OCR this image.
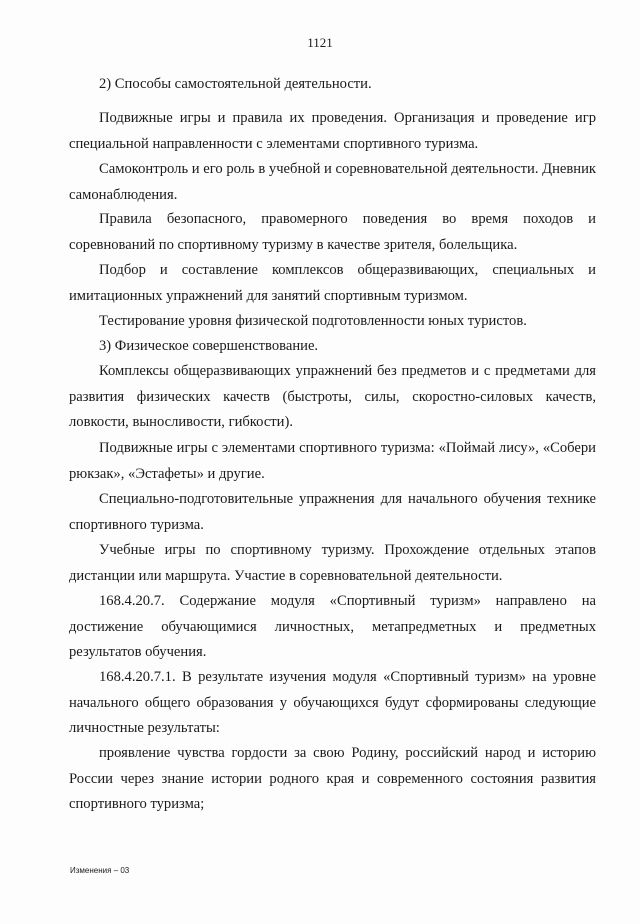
1121
2) Способы самостоятельной деятельности.
Подвижные игры и правила их проведения. Организация и проведение игр специальной направленности с элементами спортивного туризма.
Самоконтроль и его роль в учебной и соревновательной деятельности. Дневник самонаблюдения.
Правила безопасного, правомерного поведения во время походов и соревнований по спортивному туризму в качестве зрителя, болельщика.
Подбор и составление комплексов общеразвивающих, специальных и имитационных упражнений для занятий спортивным туризмом.
Тестирование уровня физической подготовленности юных туристов.
3) Физическое совершенствование.
Комплексы общеразвивающих упражнений без предметов и с предметами для развития физических качеств (быстроты, силы, скоростно-силовых качеств, ловкости, выносливости, гибкости).
Подвижные игры с элементами спортивного туризма: «Поймай лису», «Собери рюкзак», «Эстафеты» и другие.
Специально-подготовительные упражнения для начального обучения технике спортивного туризма.
Учебные игры по спортивному туризму. Прохождение отдельных этапов дистанции или маршрута. Участие в соревновательной деятельности.
168.4.20.7. Содержание модуля «Спортивный туризм» направлено на достижение обучающимися личностных, метапредметных и предметных результатов обучения.
168.4.20.7.1. В результате изучения модуля «Спортивный туризм» на уровне начального общего образования у обучающихся будут сформированы следующие личностные результаты:
проявление чувства гордости за свою Родину, российский народ и историю России через знание истории родного края и современного состояния развития спортивного туризма;
Изменения – 03
